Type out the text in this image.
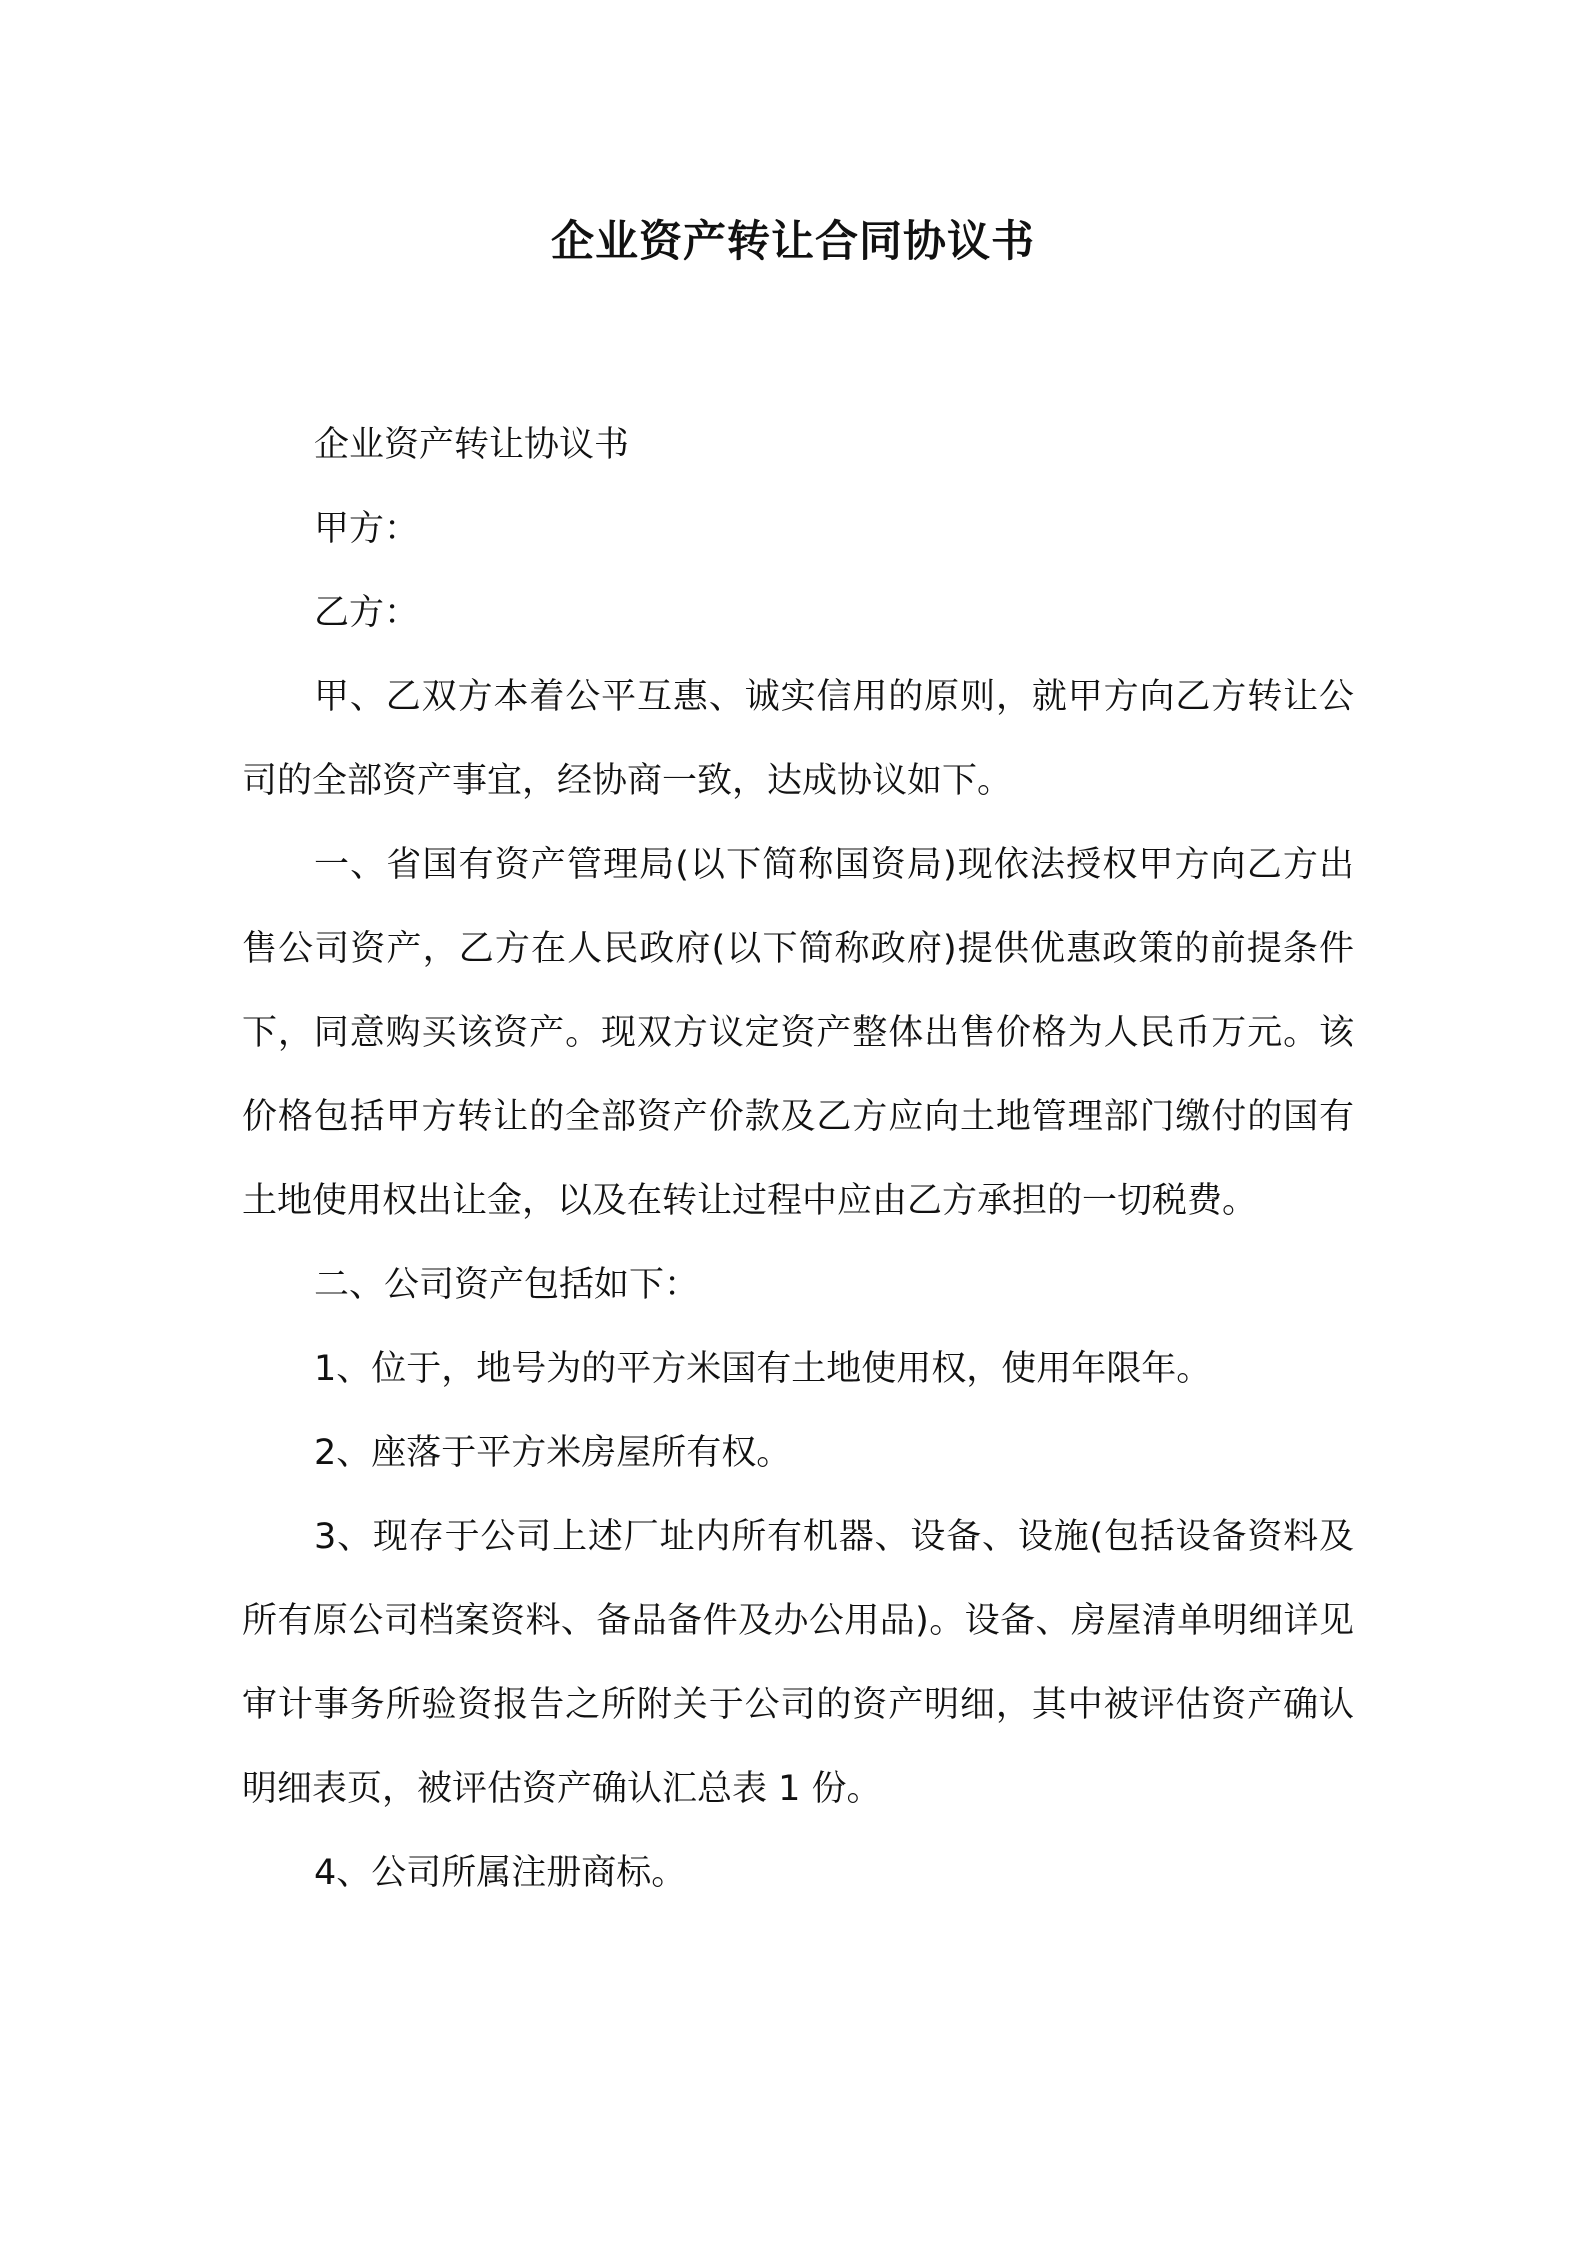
企业资产转让合同协议书

企业资产转让协议书

甲方：

乙方：

甲、乙双方本着公平互惠、诚实信用的原则，就甲方向乙方转让公司的全部资产事宜，经协商一致，达成协议如下。

一、省国有资产管理局(以下简称国资局)现依法授权甲方向乙方出售公司资产，乙方在人民政府(以下简称政府)提供优惠政策的前提条件下，同意购买该资产。现双方议定资产整体出售价格为人民币万元。该价格包括甲方转让的全部资产价款及乙方应向土地管理部门缴付的国有土地使用权出让金，以及在转让过程中应由乙方承担的一切税费。

二、公司资产包括如下：

1、位于，地号为的平方米国有土地使用权，使用年限年。

2、座落于平方米房屋所有权。

3、现存于公司上述厂址内所有机器、设备、设施(包括设备资料及所有原公司档案资料、备品备件及办公用品)。设备、房屋清单明细详见审计事务所验资报告之所附关于公司的资产明细，其中被评估资产确认明细表页，被评估资产确认汇总表 1 份。

4、公司所属注册商标。
